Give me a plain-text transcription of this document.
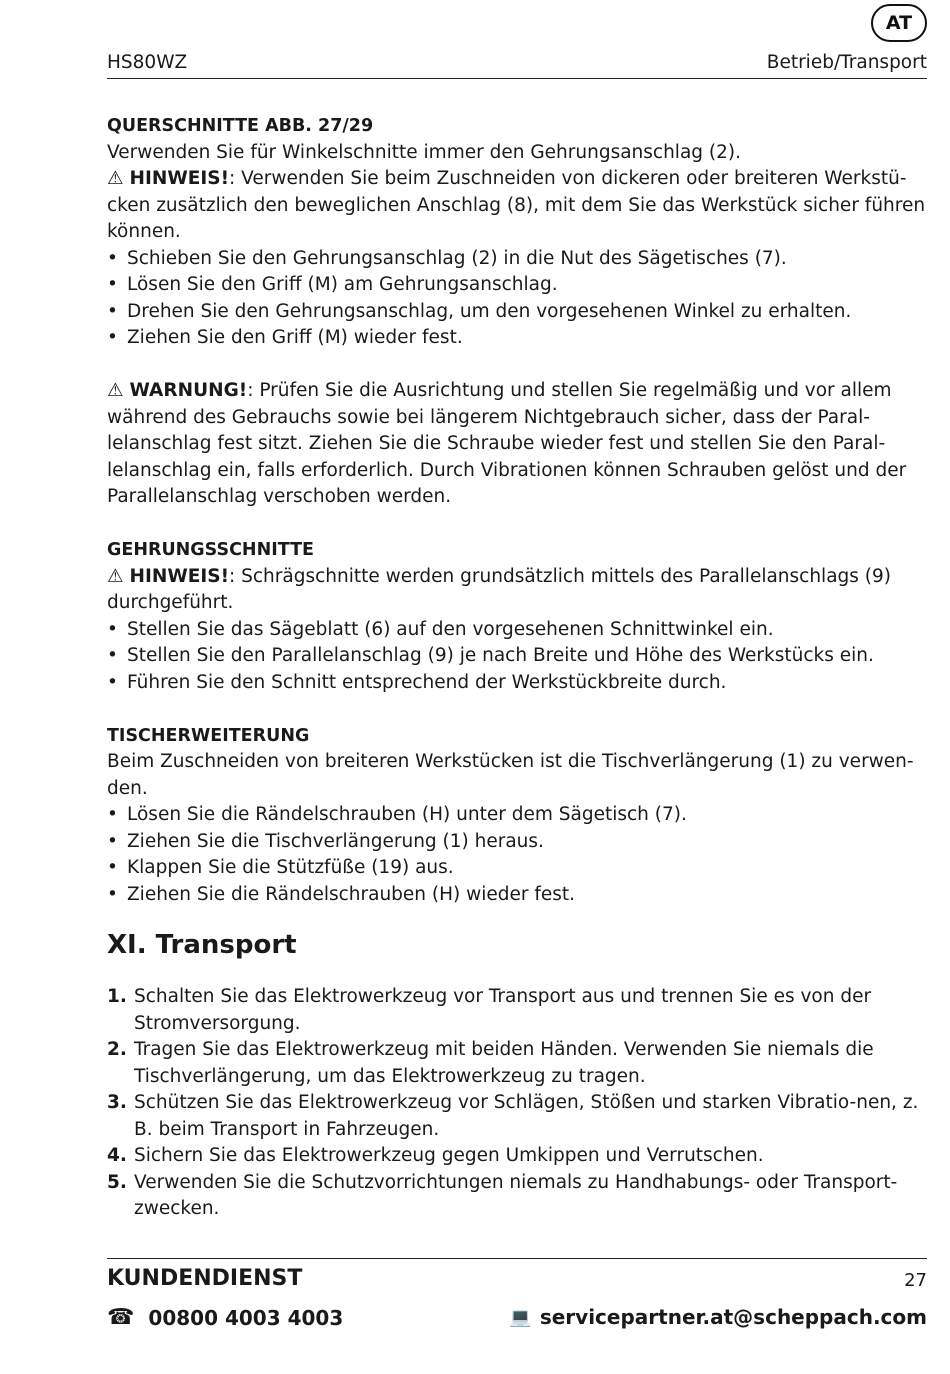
AT
HS80WZ	Betrieb/Transport
QUERSCHNITTE ABB. 27/29

Verwenden Sie für Winkelschnitte immer den Gehrungsanschlag (2).

⚠ HINWEIS!: Verwenden Sie beim Zuschneiden von dickeren oder breiteren Werkstü-cken zusätzlich den beweglichen Anschlag (8), mit dem Sie das Werkstück sicher führen können.

• Schieben Sie den Gehrungsanschlag (2) in die Nut des Sägetisches (7).
• Lösen Sie den Griff (M) am Gehrungsanschlag.
• Drehen Sie den Gehrungsanschlag, um den vorgesehenen Winkel zu erhalten.
• Ziehen Sie den Griff (M) wieder fest.

⚠ WARNUNG!: Prüfen Sie die Ausrichtung und stellen Sie regelmäßig und vor allem während des Gebrauchs sowie bei längerem Nichtgebrauch sicher, dass der Paral-lelanschlag fest sitzt. Ziehen Sie die Schraube wieder fest und stellen Sie den Paral-lelanschlag ein, falls erforderlich. Durch Vibrationen können Schrauben gelöst und der Parallelanschlag verschoben werden.

GEHRUNGSSCHNITTE

⚠ HINWEIS!: Schrägschnitte werden grundsätzlich mittels des Parallelanschlags (9) durchgeführt.

• Stellen Sie das Sägeblatt (6) auf den vorgesehenen Schnittwinkel ein.
• Stellen Sie den Parallelanschlag (9) je nach Breite und Höhe des Werkstücks ein.
• Führen Sie den Schnitt entsprechend der Werkstückbreite durch.
TISCHERWEITERUNG

Beim Zuschneiden von breiteren Werkstücken ist die Tischverlängerung (1) zu verwen-den.

• Lösen Sie die Rändelschrauben (H) unter dem Sägetisch (7).
• Ziehen Sie die Tischverlängerung (1) heraus.
• Klappen Sie die Stützfüße (19) aus.
• Ziehen Sie die Rändelschrauben (H) wieder fest.
XI. Transport
1. Schalten Sie das Elektrowerkzeug vor Transport aus und trennen Sie es von der Stromversorgung.
2. Tragen Sie das Elektrowerkzeug mit beiden Händen. Verwenden Sie niemals die Tischverlängerung, um das Elektrowerkzeug zu tragen.
3. Schützen Sie das Elektrowerkzeug vor Schlägen, Stößen und starken Vibratio-nen, z. B. beim Transport in Fahrzeugen.
4. Sichern Sie das Elektrowerkzeug gegen Umkippen und Verrutschen.
5. Verwenden Sie die Schutzvorrichtungen niemals zu Handhabungs- oder Transport-zwecken.
KUNDENDIENST	27
☎ 00800 4003 4003	💻 servicepartner.at@scheppach.com
